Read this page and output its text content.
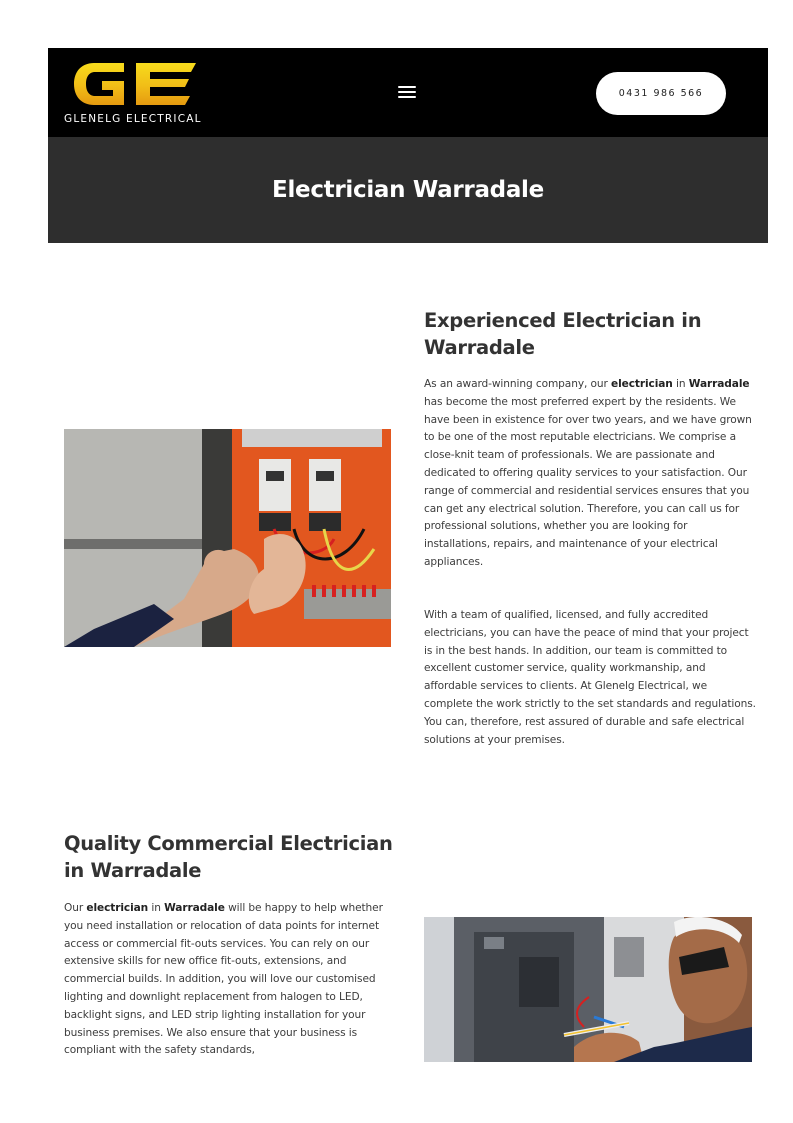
GLENELG ELECTRICAL
0431 986 566
Electrician Warradale
Experienced Electrician in Warradale

As an award-winning company, our electrician in Warradale has become the most preferred expert by the residents. We have been in existence for over two years, and we have grown to be one of the most reputable electricians. We comprise a close-knit team of professionals. We are passionate and dedicated to offering quality services to your satisfaction. Our range of commercial and residential services ensures that you can get any electrical solution. Therefore, you can call us for professional solutions, whether you are looking for installations, repairs, and maintenance of your electrical appliances.

With a team of qualified, licensed, and fully accredited electricians, you can have the peace of mind that your project is in the best hands. In addition, our team is committed to excellent customer service, quality workmanship, and affordable services to clients. At Glenelg Electrical, we complete the work strictly to the set standards and regulations. You can, therefore, rest assured of durable and safe electrical solutions at your premises.

Quality Commercial Electrician in Warradale

Our electrician in Warradale will be happy to help whether you need installation or relocation of data points for internet access or commercial fit-outs services. You can rely on our extensive skills for new office fit-outs, extensions, and commercial builds. In addition, you will love our customised lighting and downlight replacement from halogen to LED, backlight signs, and LED strip lighting installation for your business premises. We also ensure that your business is compliant with the safety standards,
